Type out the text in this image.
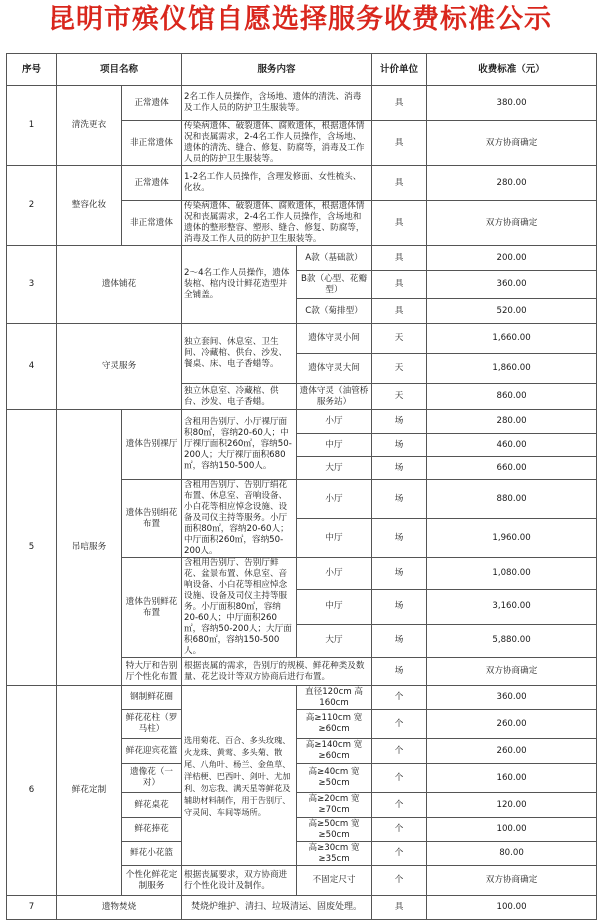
昆明市殡仪馆自愿选择服务收费标准公示
序号	项目名称		服务内容		计价单位	收费标准（元）
1	清洗更衣	正常遗体	2名工作人员操作，含场地、遗体的清洗、消毒及工作人员的防护卫生服装等。		具	380.00
		非正常遗体	传染病遗体、破裂遗体、腐败遗体，根据遗体情况和丧属需求，2-4名工作人员操作，含场地、遗体的清洗、缝合、修复、防腐等，消毒及工作人员的防护卫生服装等。		具	双方协商确定
2	整容化妆	正常遗体	1-2名工作人员操作，含理发修面、女性梳头、化妆。		具	280.00
		非正常遗体	传染病遗体、破裂遗体、腐败遗体，根据遗体情况和丧属需求，2-4名工作人员操作，含场地和遗体的整形整容、塑形、缝合、修复、防腐等，消毒及工作人员的防护卫生服装等。		具	双方协商确定
3	遗体铺花		2～4名工作人员操作，遗体装棺、棺内设计鲜花造型并全铺盖。	A款（基础款）	具	200.00
				B款（心型、花瓣型）	具	360.00
				C款（菊排型）	具	520.00
4	守灵服务		独立套间、休息室、卫生间、冷藏棺、供台、沙发、餐桌、床、电子香蜡等。	遗体守灵小间	天	1,660.00
				遗体守灵大间	天	1,860.00
			独立休息室、冷藏棺、供台、沙发、电子香蜡。	遗体守灵（油管桥服务站）	天	860.00
5	吊唁服务	遗体告别裸厅	含租用告别厅、小厅裸厅面积80㎡，容纳20-60人；中厅裸厅面积260㎡，容纳50-200人；大厅裸厅面积680㎡，容纳150-500人。	小厅	场	280.00
				中厅	场	460.00
				大厅	场	660.00
		遗体告别绢花布置	含租用告别厅、告别厅绢花布置、休息室、音响设备、小白花等相应悼念设施、设备及司仪主持等服务。小厅面积80㎡，容纳20-60人；中厅面积260㎡，容纳50-200人。	小厅	场	880.00
				中厅	场	1,960.00
		遗体告别鲜花布置	含租用告别厅、告别厅鲜花、盆景布置、休息室、音响设备、小白花等相应悼念设施、设备及司仪主持等服务。小厅面积80㎡，容纳20-60人；中厅面积260㎡，容纳50-200人；大厅面积680㎡，容纳150-500人。	小厅	场	1,080.00
				中厅	场	3,160.00
				大厅	场	5,880.00
		特大厅和告别厅个性化布置	根据丧属的需求，告别厅的规模、鲜花种类及数量、花艺设计等双方协商后进行布置。		场	双方协商确定
6	鲜花定制	钢制鲜花圈	选用菊花、百合、多头玫瑰、火龙珠、黄莺、多头菊、散尾、八角叶、杨兰、金鱼草、洋桔梗、巴西叶、剑叶、尤加利、勿忘我、满天星等鲜花及辅助材料制作，用于告别厅、守灵间、车间等场所。	直径120cm 高160cm	个	360.00
		鲜花花柱（罗马柱）		高≥110cm 宽≥60cm	个	260.00
		鲜花迎宾花篮		高≥140cm 宽≥60cm	个	260.00
		遗像花（一对）		高≥40cm 宽≥50cm	个	160.00
		鲜花桌花		高≥20cm 宽≥70cm	个	120.00
		鲜花捧花		高≥50cm 宽≥50cm	个	100.00
		鲜花小花篮		高≥30cm 宽≥35cm	个	80.00
		个性化鲜花定制服务	根据丧属要求，双方协商进行个性化设计及制作。	不固定尺寸	个	双方协商确定
7	遗物焚烧		焚烧炉维护、清扫、垃圾清运、固废处理。		具	100.00
